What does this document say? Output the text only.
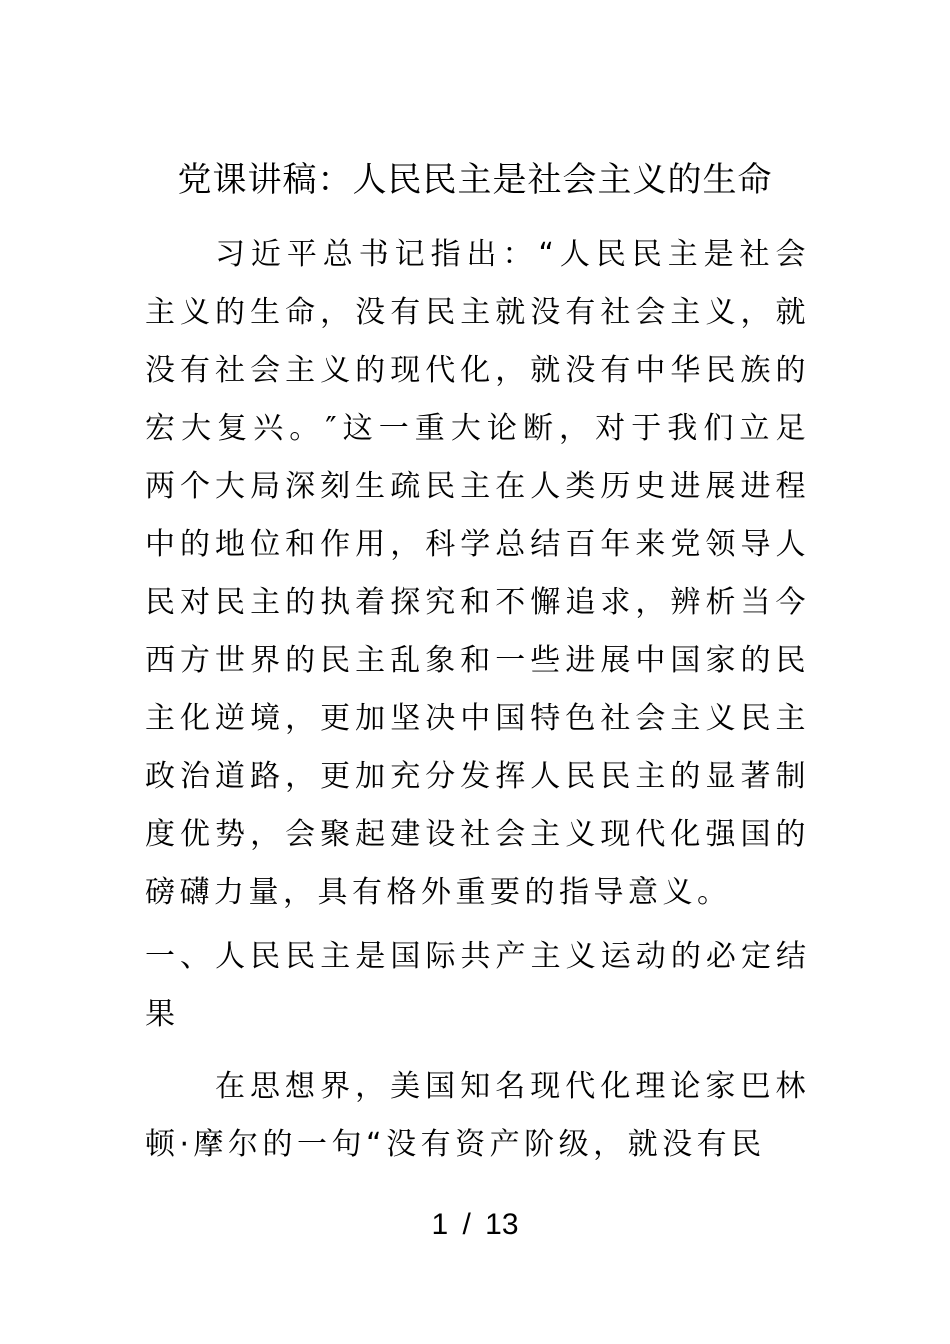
党课讲稿：人民民主是社会主义的生命

习近平总书记指出：“人民民主是社会主义的生命，没有民主就没有社会主义，就没有社会主义的现代化，就没有中华民族的宏大复兴。″这一重大论断，对于我们立足两个大局深刻生疏民主在人类历史进展进程中的地位和作用，科学总结百年来党领导人民对民主的执着探究和不懈追求，辨析当今西方世界的民主乱象和一些进展中国家的民主化逆境，更加坚决中国特色社会主义民主政治道路，更加充分发挥人民民主的显著制度优势，会聚起建设社会主义现代化强国的磅礴力量，具有格外重要的指导意义。

一、人民民主是国际共产主义运动的必定结果

在思想界，美国知名现代化理论家巴林顿·摩尔的一句“没有资产阶级，就没有民

1 / 13
